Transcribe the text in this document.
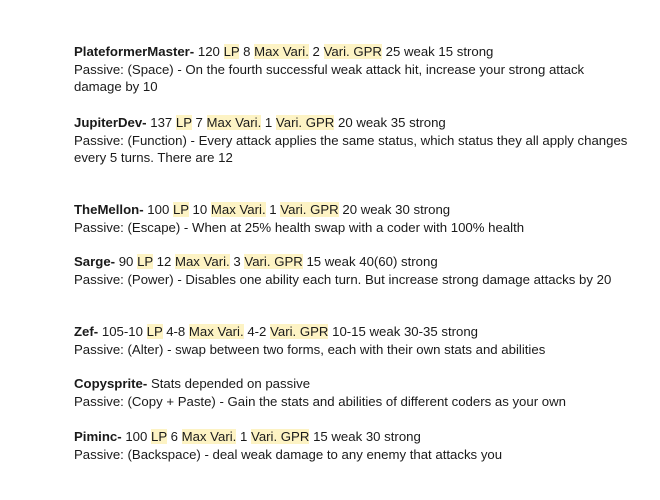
PlateformerMaster- 120 LP 8 Max Vari. 2 Vari. GPR 25 weak 15 strong
Passive: (Space) - On the fourth successful weak attack hit, increase your strong attack damage by 10
JupiterDev- 137 LP 7 Max Vari. 1 Vari. GPR 20 weak 35 strong
Passive: (Function) - Every attack applies the same status, which status they all apply changes every 5 turns. There are 12
TheMellon- 100 LP 10 Max Vari. 1 Vari. GPR 20 weak 30 strong
Passive: (Escape) - When at 25% health swap with a coder with 100% health
Sarge- 90 LP 12 Max Vari. 3 Vari. GPR 15 weak 40(60) strong
Passive: (Power) - Disables one ability each turn. But increase strong damage attacks by 20
Zef- 105-10 LP 4-8 Max Vari. 4-2 Vari. GPR 10-15 weak 30-35 strong
Passive: (Alter) - swap between two forms, each with their own stats and abilities
Copysprite- Stats depended on passive
Passive: (Copy + Paste) - Gain the stats and abilities of different coders as your own
Piminc- 100 LP 6 Max Vari. 1 Vari. GPR 15 weak 30 strong
Passive: (Backspace) - deal weak damage to any enemy that attacks you
